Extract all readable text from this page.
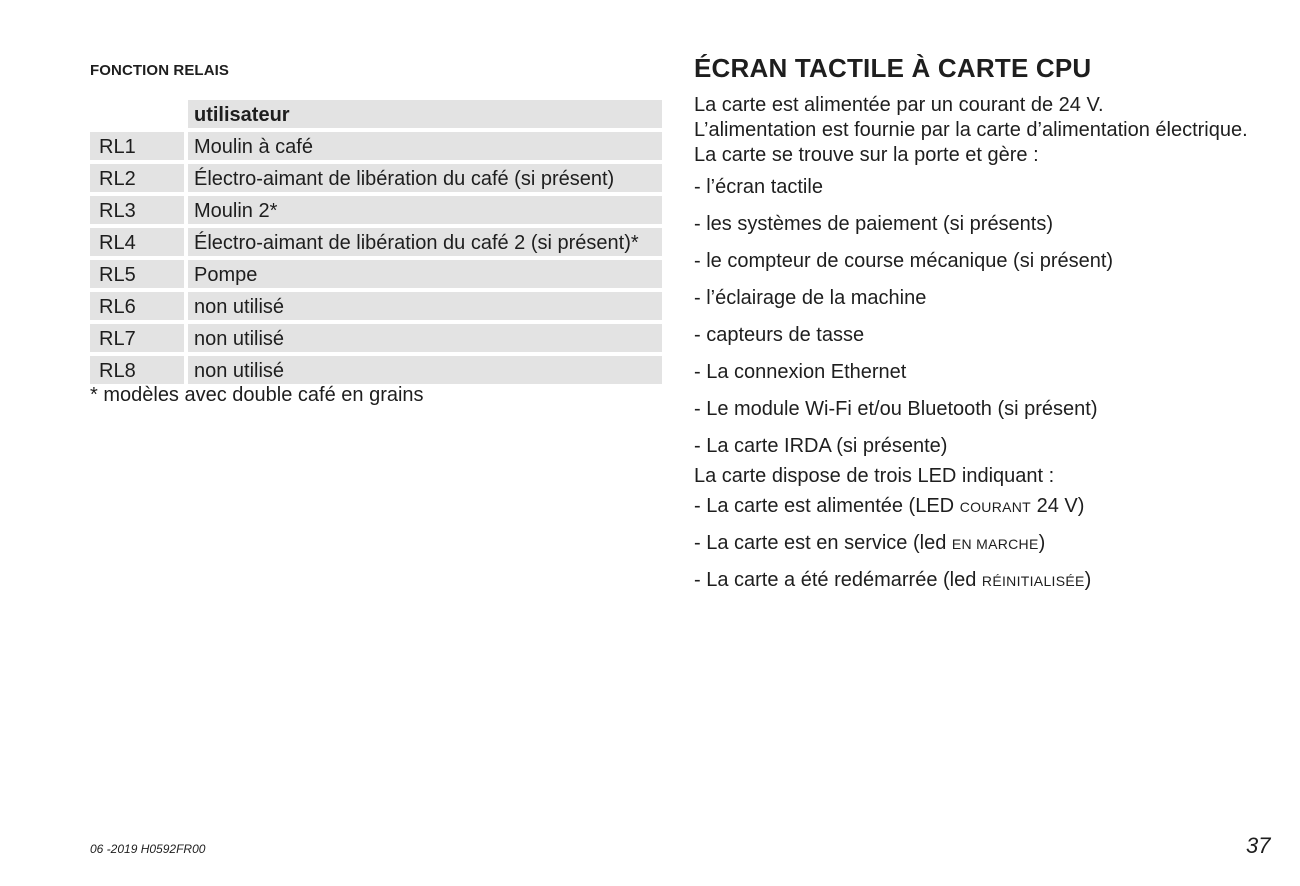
FONCTION RELAIS
utilisateur
RL1	Moulin à café
RL2	Électro-aimant de libération du café (si présent)
RL3	Moulin 2*
RL4	Électro-aimant de libération du café 2 (si présent)*
RL5	Pompe
RL6	non utilisé
RL7	non utilisé
RL8	non utilisé
* modèles avec double café en grains
ÉCRAN TACTILE À CARTE CPU
La carte est alimentée par un courant de 24 V.
L’alimentation est fournie par la carte d’alimentation électrique.
La carte se trouve sur la porte et gère :
- l’écran tactile
- les systèmes de paiement (si présents)
- le compteur de course mécanique (si présent)
- l’éclairage de la machine
- capteurs de tasse
- La connexion Ethernet
- Le module Wi-Fi et/ou Bluetooth (si présent)
- La carte IRDA (si présente)
La carte dispose de trois LED indiquant :
- La carte est alimentée (LED COURANT 24 V)
- La carte est en service (led EN MARCHE)
- La carte a été redémarrée (led RÉINITIALISÉE)
06 -2019 H0592FR00	37
